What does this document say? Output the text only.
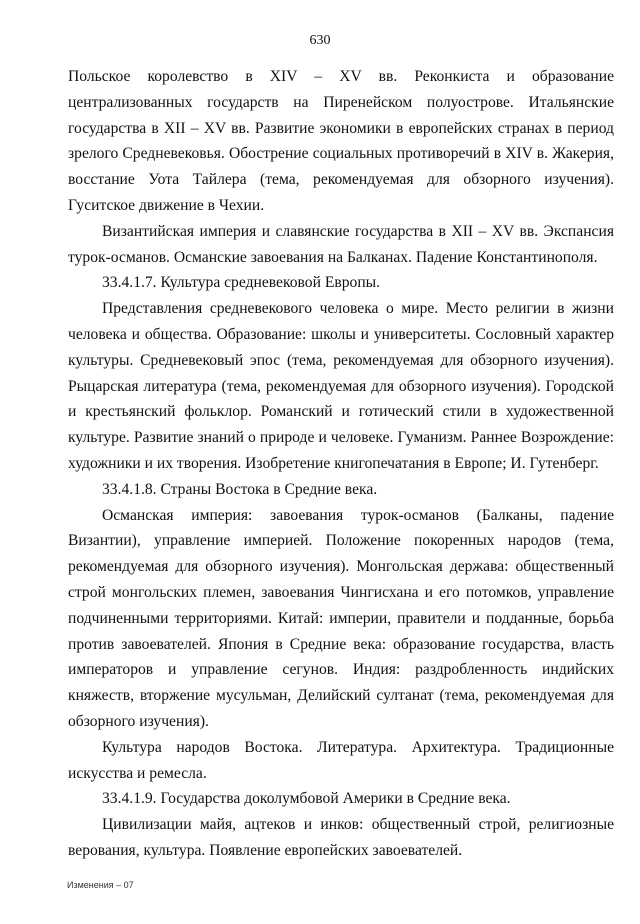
630

Польское королевство в XIV – XV вв. Реконкиста и образование централизованных государств на Пиренейском полуострове. Итальянские государства в XII – XV вв. Развитие экономики в европейских странах в период зрелого Средневековья. Обострение социальных противоречий в XIV в. Жакерия, восстание Уота Тайлера (тема, рекомендуемая для обзорного изучения). Гуситское движение в Чехии.

Византийская империя и славянские государства в XII – XV вв. Экспансия турок-османов. Османские завоевания на Балканах. Падение Константинополя.

33.4.1.7. Культура средневековой Европы.

Представления средневекового человека о мире. Место религии в жизни человека и общества. Образование: школы и университеты. Сословный характер культуры. Средневековый эпос (тема, рекомендуемая для обзорного изучения). Рыцарская литература (тема, рекомендуемая для обзорного изучения). Городской и крестьянский фольклор. Романский и готический стили в художественной культуре. Развитие знаний о природе и человеке. Гуманизм. Раннее Возрождение: художники и их творения. Изобретение книгопечатания в Европе; И. Гутенберг.

33.4.1.8. Страны Востока в Средние века.

Османская империя: завоевания турок-османов (Балканы, падение Византии), управление империей. Положение покоренных народов (тема, рекомендуемая для обзорного изучения). Монгольская держава: общественный строй монгольских племен, завоевания Чингисхана и его потомков, управление подчиненными территориями. Китай: империи, правители и подданные, борьба против завоевателей. Япония в Средние века: образование государства, власть императоров и управление сегунов. Индия: раздробленность индийских княжеств, вторжение мусульман, Делийский султанат (тема, рекомендуемая для обзорного изучения).

Культура народов Востока. Литература. Архитектура. Традиционные искусства и ремесла.

33.4.1.9. Государства доколумбовой Америки в Средние века.

Цивилизации майя, ацтеков и инков: общественный строй, религиозные верования, культура. Появление европейских завоевателей.

Изменения – 07
